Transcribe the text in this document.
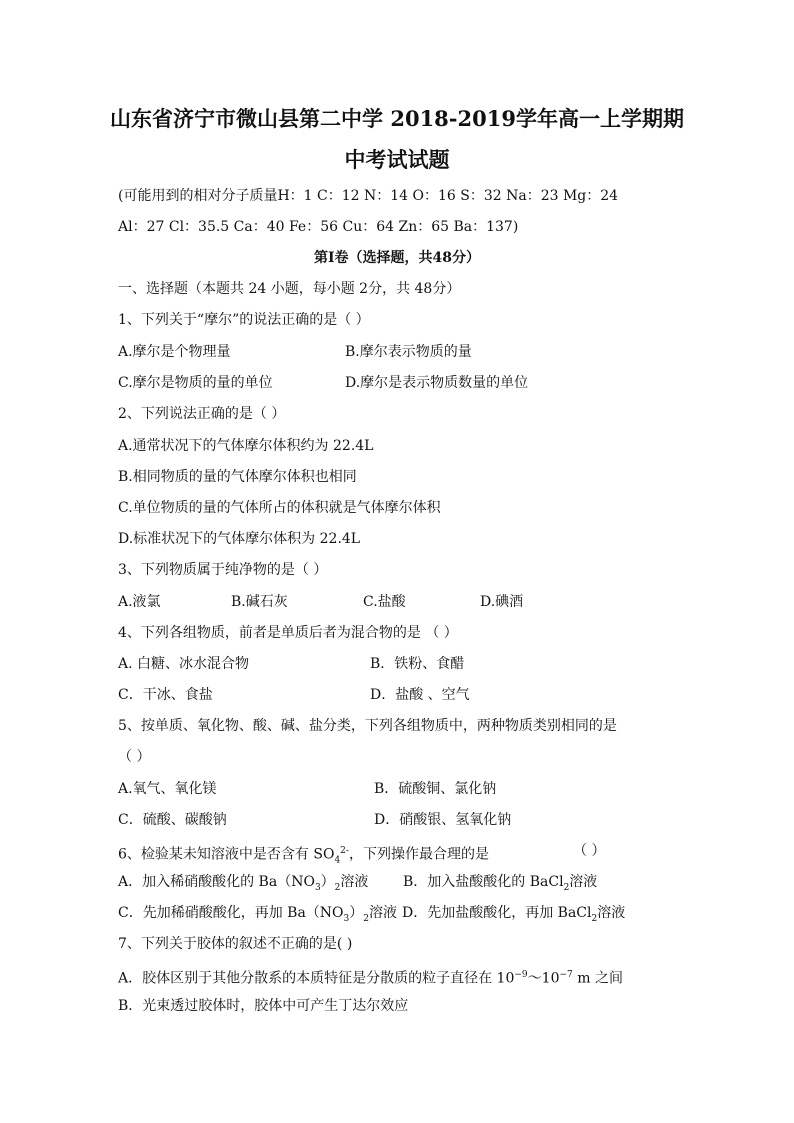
山东省济宁市微山县第二中学 2018-2019学年高一上学期期
中考试试题
(可能用到的相对分子质量H：1 C：12 N：14 O：16 S：32 Na：23 Mg：24
Al：27 Cl：35.5 Ca：40 Fe：56 Cu：64 Zn：65 Ba：137)
第Ⅰ卷（选择题，共48分）
一、选择题（本题共 24 小题，每小题 2分，共 48分）
1、下列关于“摩尔”的说法正确的是（ ）
A.摩尔是个物理量	B.摩尔表示物质的量
C.摩尔是物质的量的单位	D.摩尔是表示物质数量的单位
2、下列说法正确的是（ ）
A.通常状况下的气体摩尔体积约为 22.4L
B.相同物质的量的气体摩尔体积也相同
C.单位物质的量的气体所占的体积就是气体摩尔体积
D.标准状况下的气体摩尔体积为 22.4L
3、下列物质属于纯净物的是（ ）
A.液氯	B.碱石灰	C.盐酸	D.碘酒
4、下列各组物质，前者是单质后者为混合物的是 （ ）
A. 白糖、冰水混合物	B．铁粉、食醋
C．干冰、食盐	D．盐酸 、空气
5、按单质、氧化物、酸、碱、盐分类，下列各组物质中，两种物质类别相同的是
（ ）
A.氧气、氧化镁	B．硫酸铜、氯化钠
C．硫酸、碳酸钠	D．硝酸银、氢氧化钠
6、检验某未知溶液中是否含有 $SO_4^{2-}$，下列操作最合理的是	（ ）
A．加入稀硝酸酸化的 $Ba(NO_3)_2$溶液 B．加入盐酸酸化的 BaCl$_2$溶液
C．先加稀硝酸酸化，再加 $Ba(NO_3)_2$溶液 D．先加盐酸酸化，再加 BaCl$_2$溶液
7、下列关于胶体的叙述不正确的是( )
A．胶体区别于其他分散系的本质特征是分散质的粒子直径在 $10^{-9}\sim 10^{-7}$ m 之间
B．光束透过胶体时，胶体中可产生丁达尔效应
